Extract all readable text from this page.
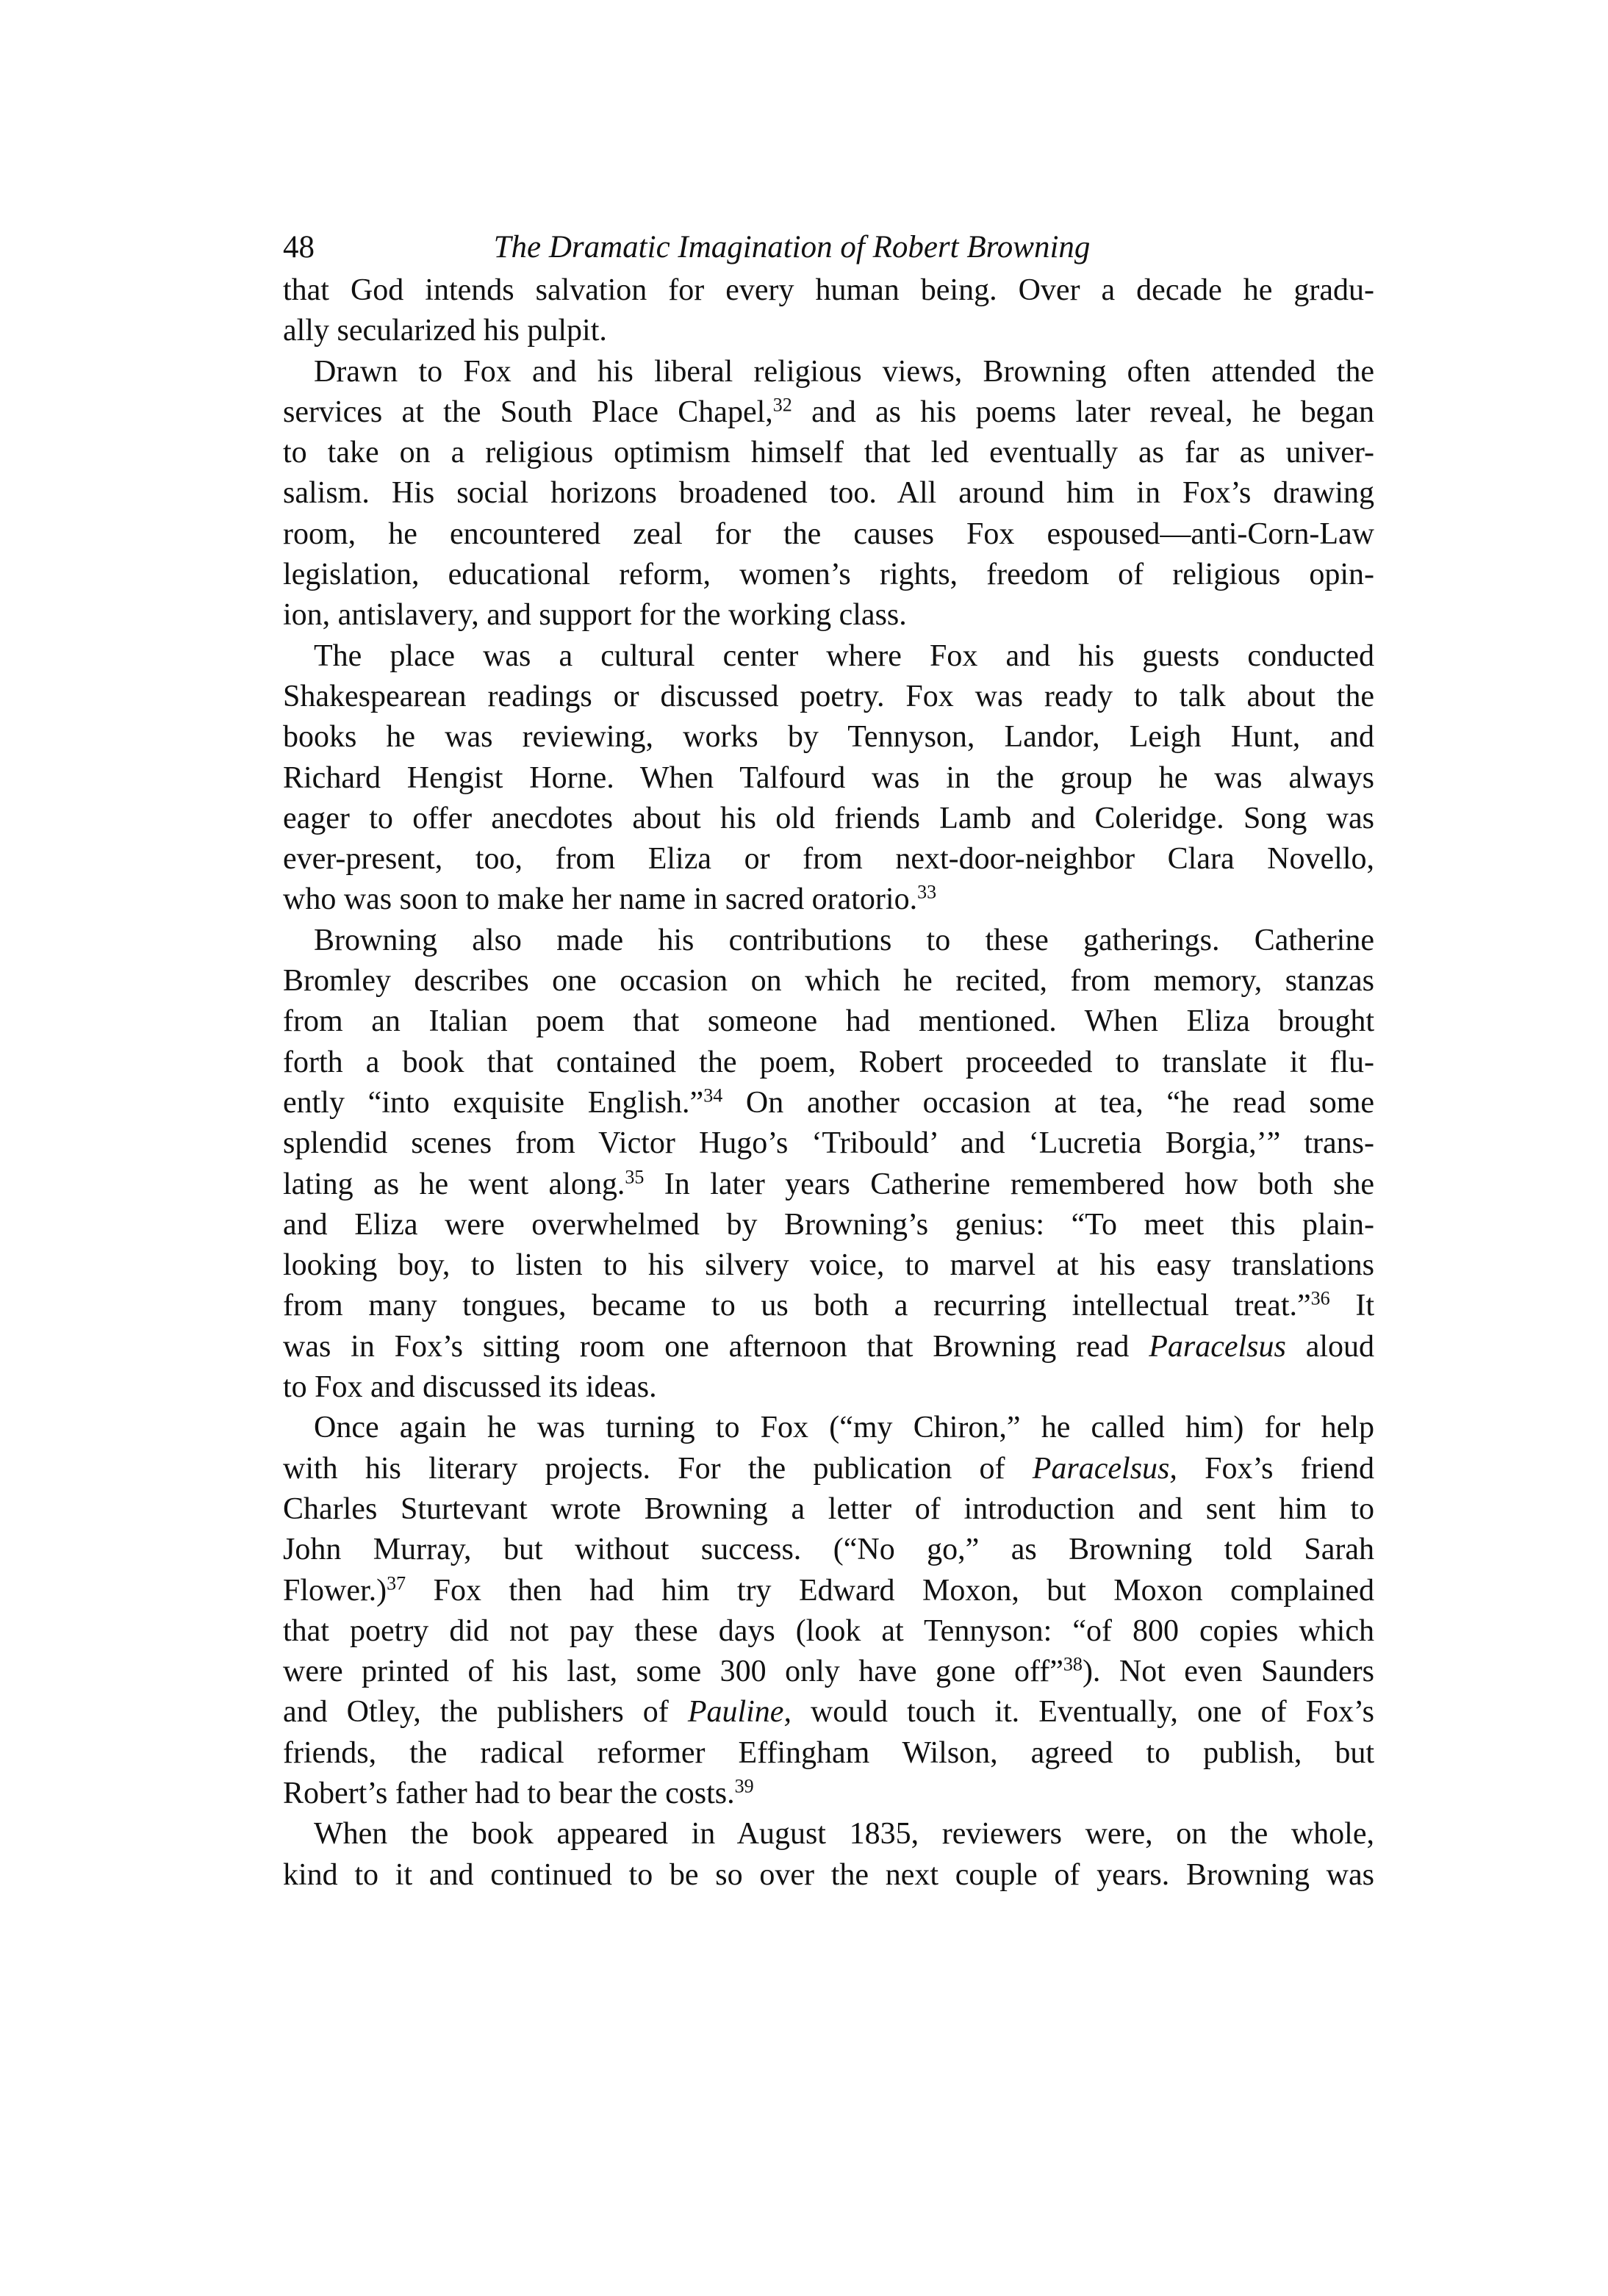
48	The Dramatic Imagination of Robert Browning
that God intends salvation for every human being. Over a decade he gradu-
ally secularized his pulpit.
Drawn to Fox and his liberal religious views, Browning often attended the
services at the South Place Chapel,$^{32}$ and as his poems later reveal, he began
to take on a religious optimism himself that led eventually as far as univer-
salism. His social horizons broadened too. All around him in Fox’s drawing
room, he encountered zeal for the causes Fox espoused—anti-Corn-Law
legislation, educational reform, women’s rights, freedom of religious opin-
ion, antislavery, and support for the working class.
The place was a cultural center where Fox and his guests conducted
Shakespearean readings or discussed poetry. Fox was ready to talk about the
books he was reviewing, works by Tennyson, Landor, Leigh Hunt, and
Richard Hengist Horne. When Talfourd was in the group he was always
eager to offer anecdotes about his old friends Lamb and Coleridge. Song was
ever-present, too, from Eliza or from next-door-neighbor Clara Novello,
who was soon to make her name in sacred oratorio.$^{33}$
Browning also made his contributions to these gatherings. Catherine
Bromley describes one occasion on which he recited, from memory, stanzas
from an Italian poem that someone had mentioned. When Eliza brought
forth a book that contained the poem, Robert proceeded to translate it flu-
ently “into exquisite English.”$^{34}$ On another occasion at tea, “he read some
splendid scenes from Victor Hugo’s ‘Tribould’ and ‘Lucretia Borgia,’” trans-
lating as he went along.$^{35}$ In later years Catherine remembered how both she
and Eliza were overwhelmed by Browning’s genius: “To meet this plain-
looking boy, to listen to his silvery voice, to marvel at his easy translations
from many tongues, became to us both a recurring intellectual treat.”$^{36}$ It
was in Fox’s sitting room one afternoon that Browning read Paracelsus aloud
to Fox and discussed its ideas.
Once again he was turning to Fox (“my Chiron,” he called him) for help
with his literary projects. For the publication of Paracelsus, Fox’s friend
Charles Sturtevant wrote Browning a letter of introduction and sent him to
John Murray, but without success. (“No go,” as Browning told Sarah
Flower.)$^{37}$ Fox then had him try Edward Moxon, but Moxon complained
that poetry did not pay these days (look at Tennyson: “of 800 copies which
were printed of his last, some 300 only have gone off”$^{38}$). Not even Saunders
and Otley, the publishers of Pauline, would touch it. Eventually, one of Fox’s
friends, the radical reformer Effingham Wilson, agreed to publish, but
Robert’s father had to bear the costs.$^{39}$
When the book appeared in August 1835, reviewers were, on the whole,
kind to it and continued to be so over the next couple of years. Browning was
